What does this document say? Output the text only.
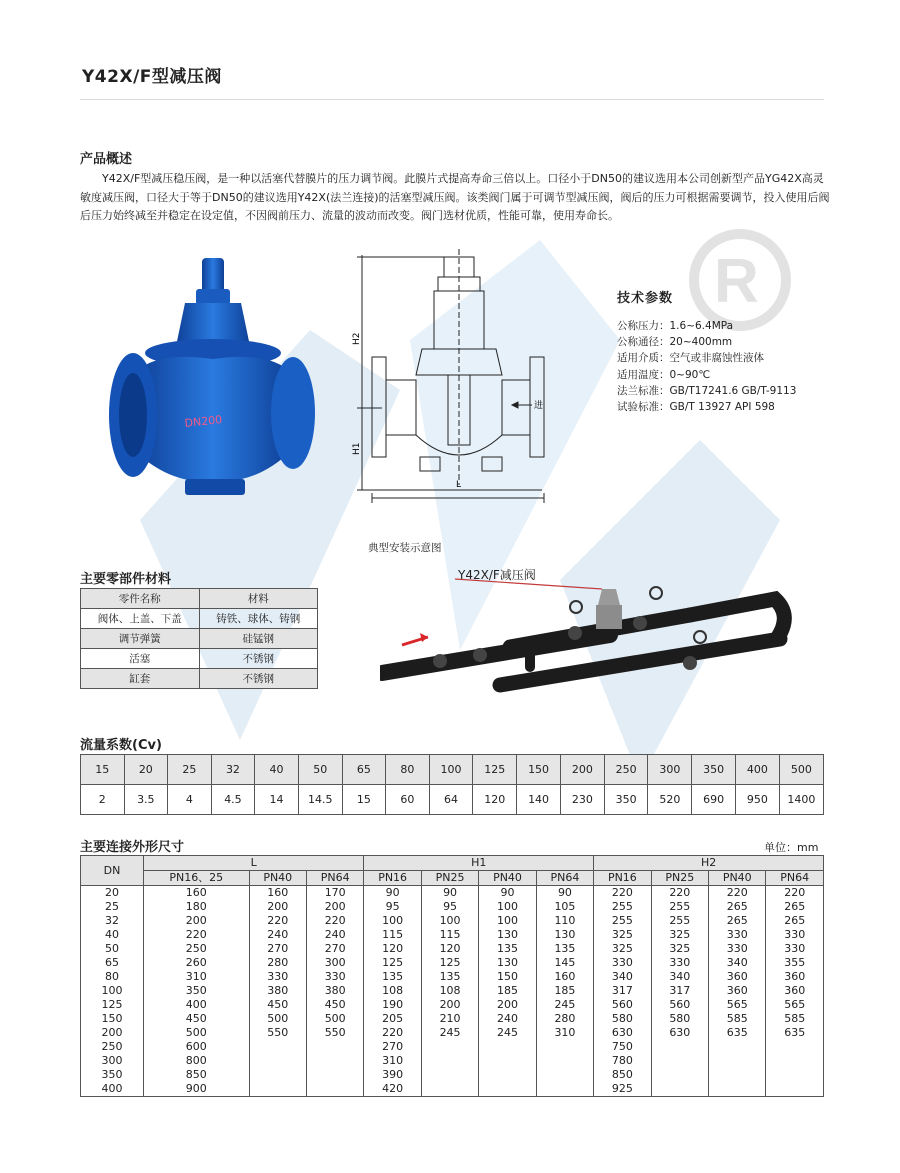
R
Y42X/F型减压阀
产品概述
Y42X/F型减压稳压阀，是一种以活塞代替膜片的压力调节阀。此膜片式提高寿命三倍以上。口径小于DN50的建议选用本公司创新型产品YG42X高灵敏度减压阀，口径大于等于DN50的建议选用Y42X(法兰连接)的活塞型减压阀。该类阀门属于可调节型减压阀，阀后的压力可根据需要调节，投入使用后阀后压力始终减至并稳定在设定值，不因阀前压力、流量的波动而改变。阀门选材优质，性能可靠，使用寿命长。
DN200
H2
H1
L
进
技术参数
公称压力：1.6~6.4MPa
公称通径：20~400mm
适用介质：空气或非腐蚀性液体
适用温度：0~90℃
法兰标准：GB/T17241.6 GB/T-9113
试验标准：GB/T 13927 API 598
典型安装示意图
Y42X/F减压阀
主要零部件材料
零件名称	材料
阀体、上盖、下盖	铸铁、球体、铸钢
调节弹簧	硅锰钢
活塞	不锈钢
缸套	不锈钢
流量系数(Cv)
15	20	25	32	40	50	65	80	100	125	150	200	250	300	350	400	500
2	3.5	4	4.5	14	14.5	15	60	64	120	140	230	350	520	690	950	1400
主要连接外形尺寸	单位：mm
DN	L			H1				H2			
	PN16、25	PN40	PN64	PN16	PN25	PN40	PN64	PN16	PN25	PN40	PN64
20	160	160	170	90	90	90	90	220	220	220	220
25	180	200	200	95	95	100	105	255	255	265	265
32	200	220	220	100	100	100	110	255	255	265	265
40	220	240	240	115	115	130	130	325	325	330	330
50	250	270	270	120	120	135	135	325	325	330	330
65	260	280	300	125	125	130	145	330	330	340	355
80	310	330	330	135	135	150	160	340	340	360	360
100	350	380	380	108	108	185	185	317	317	360	360
125	400	450	450	190	200	200	245	560	560	565	565
150	450	500	500	205	210	240	280	580	580	585	585
200	500	550	550	220	245	245	310	630	630	635	635
250	600			270				750			
300	800			310				780			
350	850			390				850			
400	900			420				925			
